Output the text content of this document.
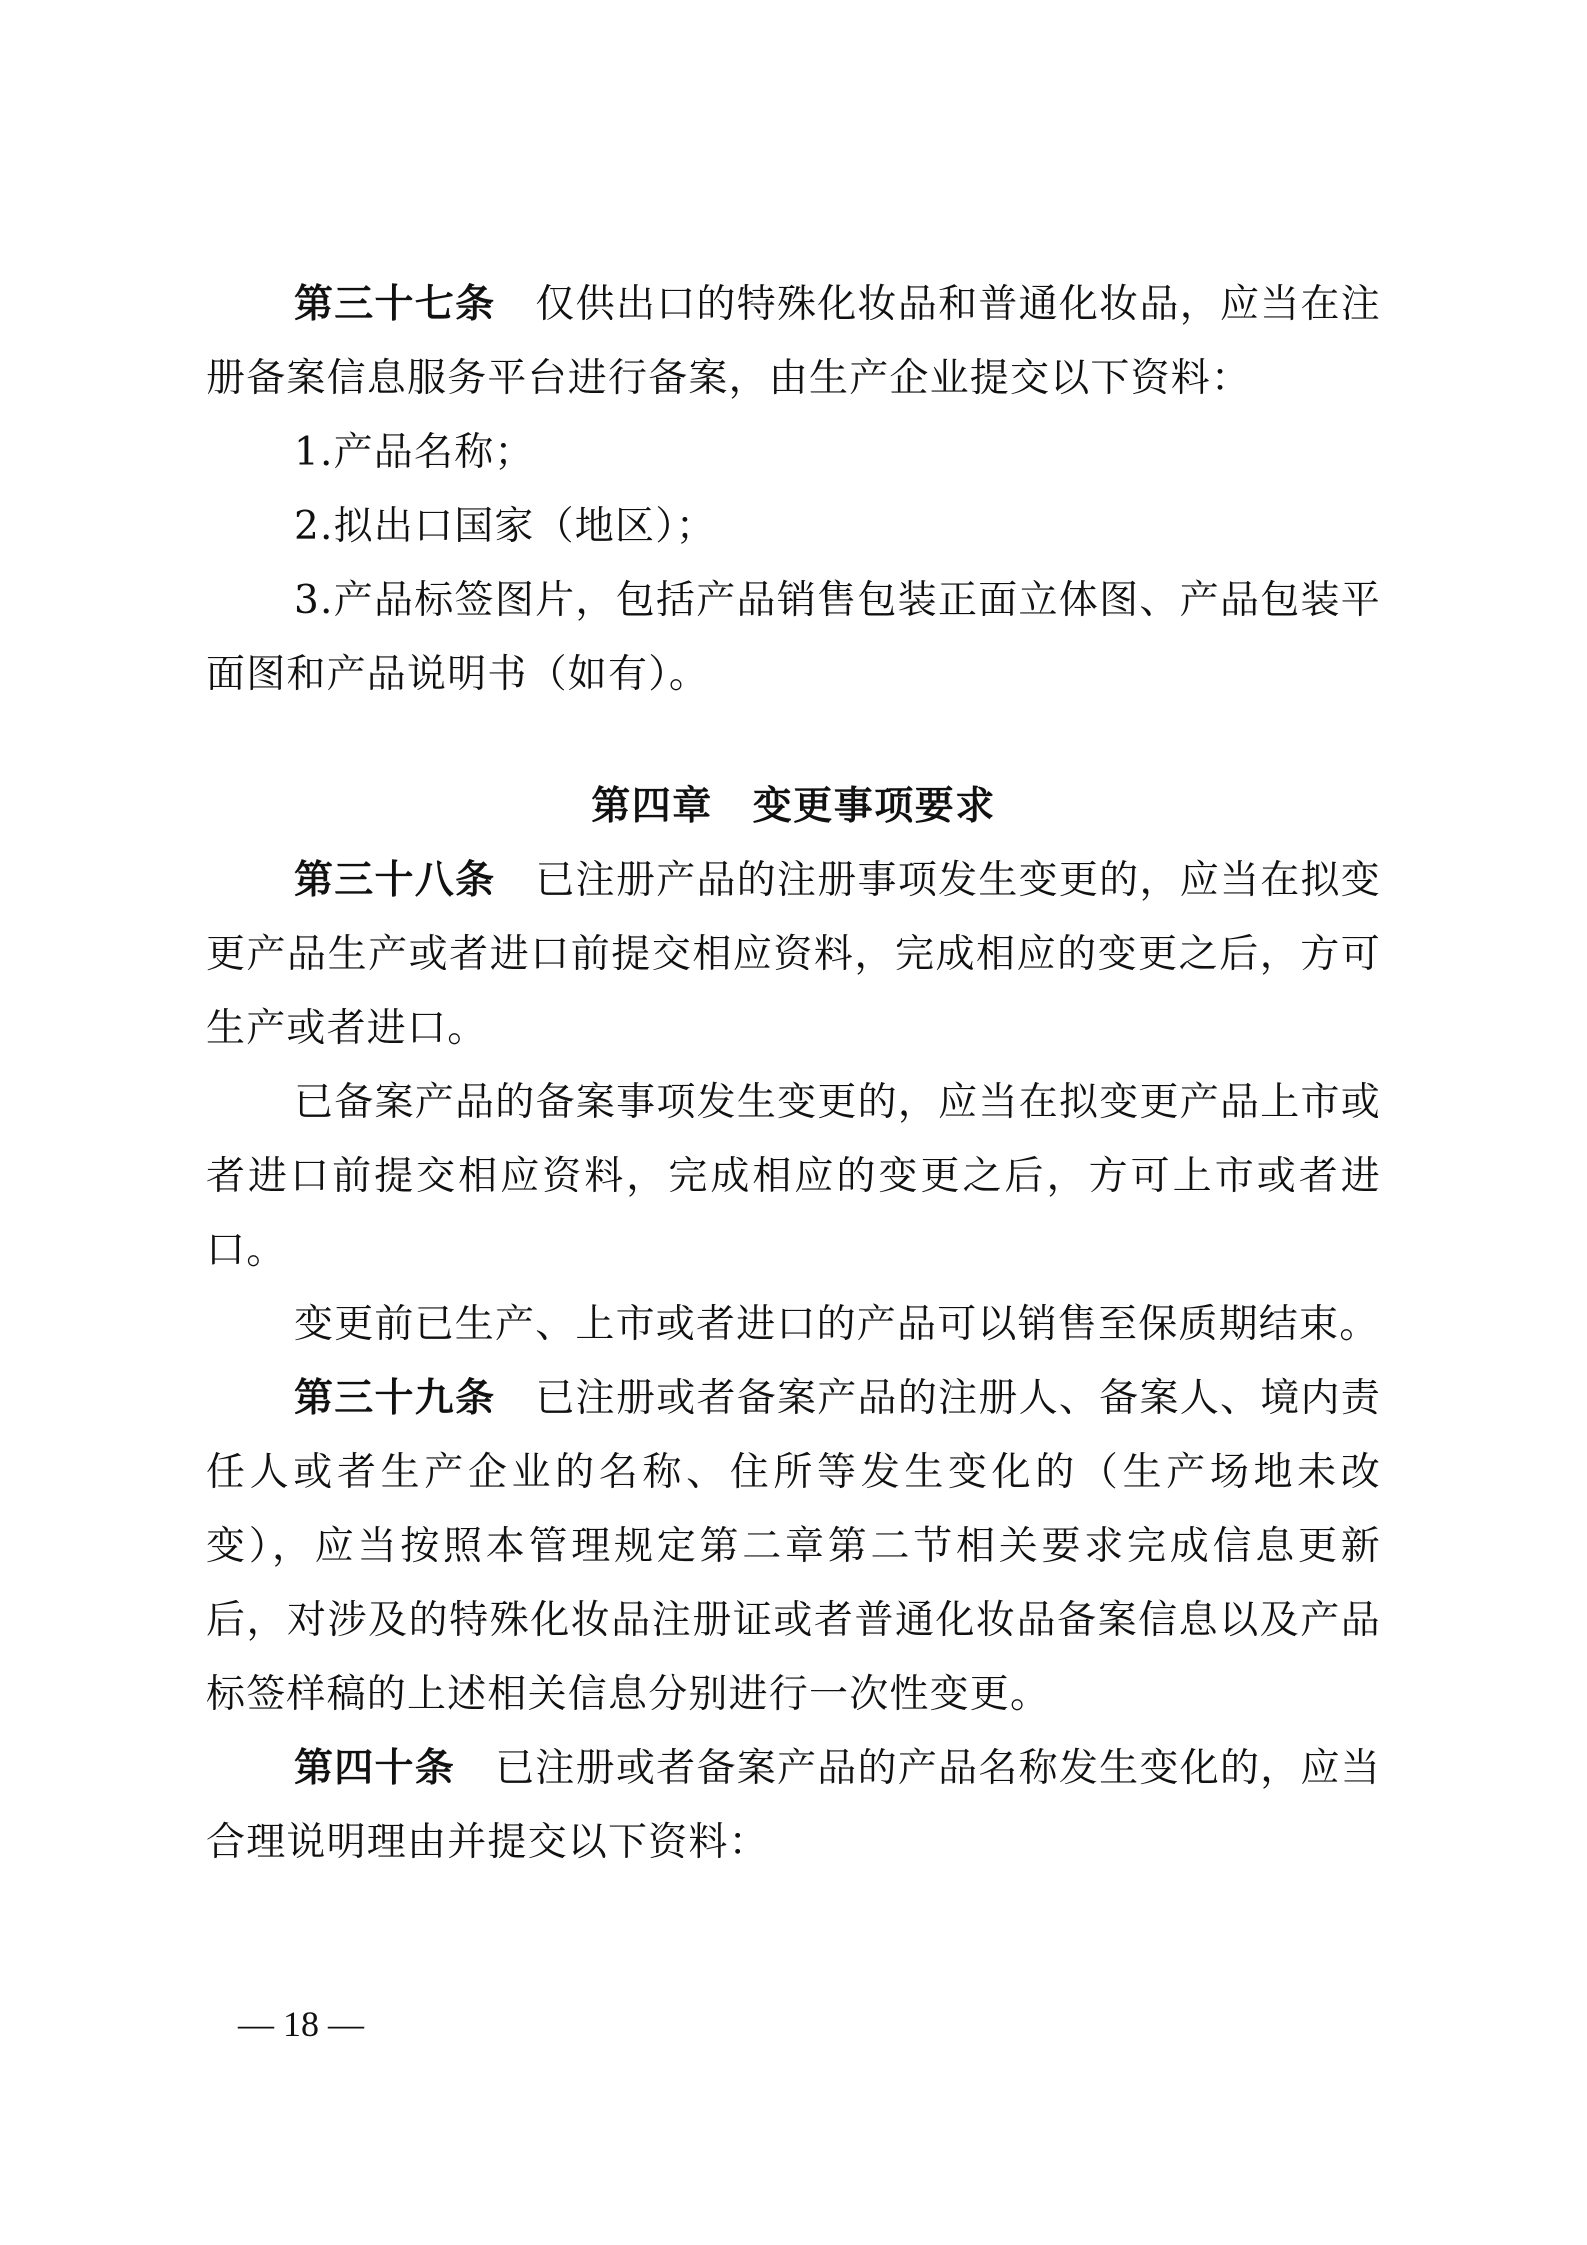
第三十七条 仅供出口的特殊化妆品和普通化妆品，应当在注册备案信息服务平台进行备案，由生产企业提交以下资料：

1.产品名称；

2.拟出口国家（地区）；

3.产品标签图片，包括产品销售包装正面立体图、产品包装平面图和产品说明书（如有）。

第四章 变更事项要求

第三十八条 已注册产品的注册事项发生变更的，应当在拟变更产品生产或者进口前提交相应资料，完成相应的变更之后，方可生产或者进口。

已备案产品的备案事项发生变更的，应当在拟变更产品上市或者进口前提交相应资料，完成相应的变更之后，方可上市或者进口。

变更前已生产、上市或者进口的产品可以销售至保质期结束。

第三十九条 已注册或者备案产品的注册人、备案人、境内责任人或者生产企业的名称、住所等发生变化的（生产场地未改变），应当按照本管理规定第二章第二节相关要求完成信息更新后，对涉及的特殊化妆品注册证或者普通化妆品备案信息以及产品标签样稿的上述相关信息分别进行一次性变更。

第四十条 已注册或者备案产品的产品名称发生变化的，应当合理说明理由并提交以下资料：

— 18 —
